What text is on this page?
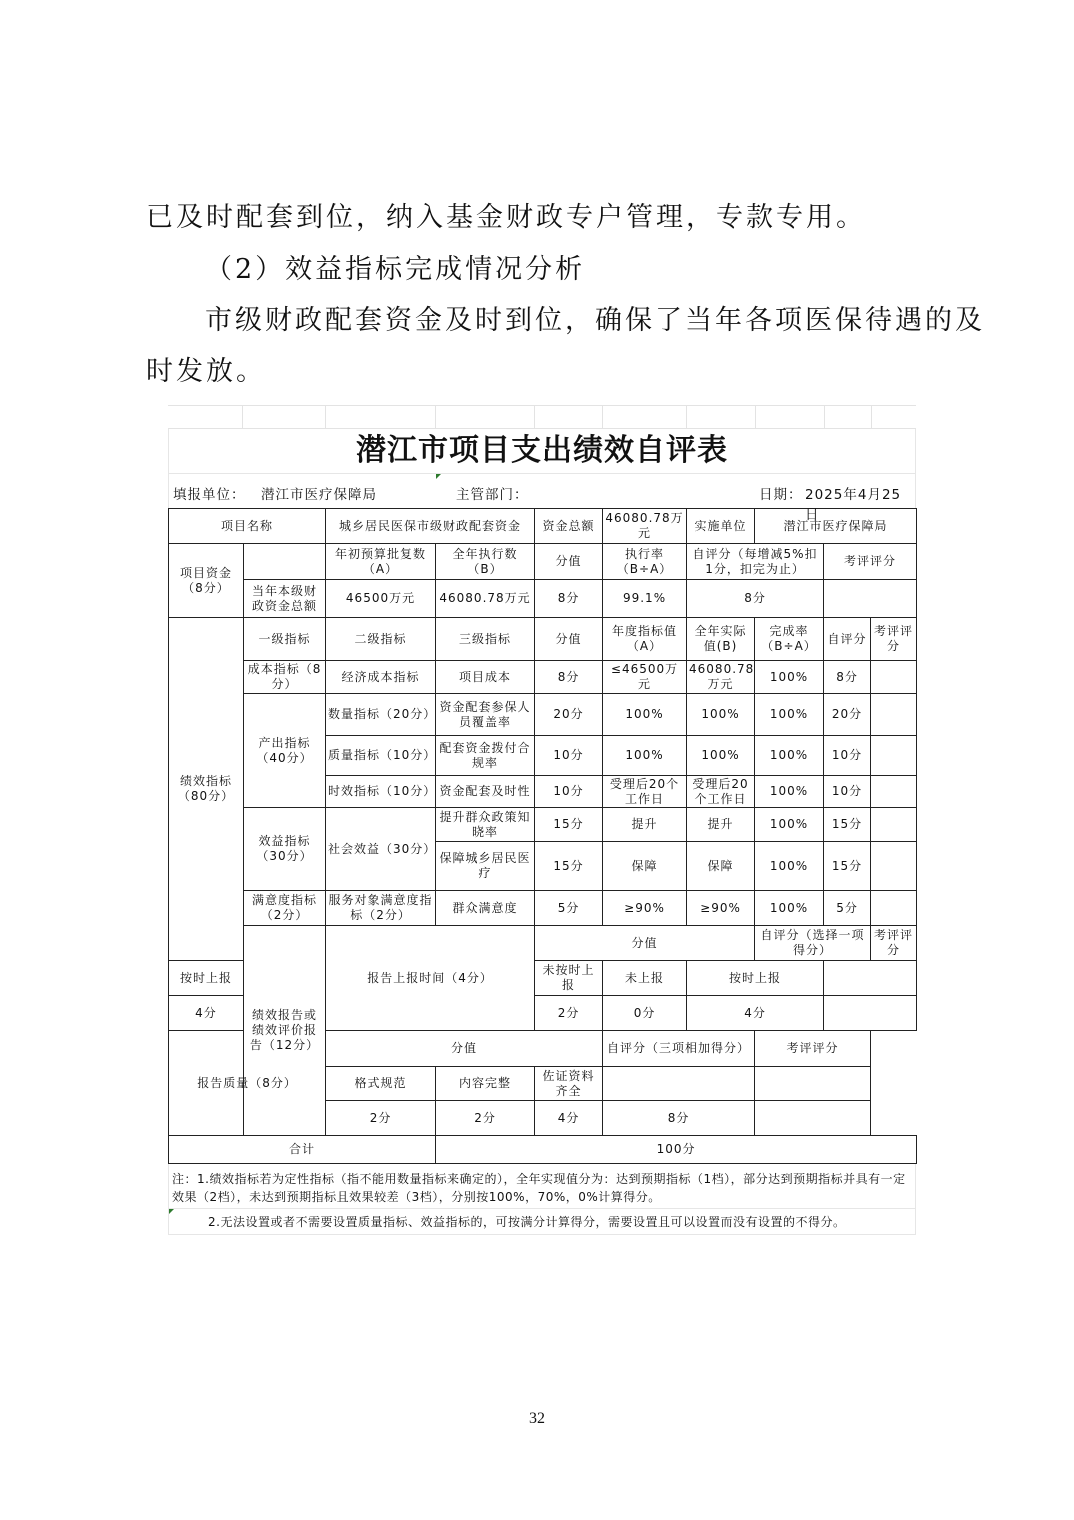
已及时配套到位，纳入基金财政专户管理，专款专用。
（2）效益指标完成情况分析
市级财政配套资金及时到位，确保了当年各项医保待遇的及
时发放。
潜江市项目支出绩效自评表
填报单位： 潜江市医疗保障局	主管部门：	日期： 2025年4月25日
项目名称		城乡居民医保市级财政配套资金		资金总额	46080.78万元	实施单位	潜江市医疗保障局		
项目资金（8分）		年初预算批复数（A）	全年执行数（B）	分值	执行率（B÷A）	自评分（每增减5%扣1分，扣完为止）		考评评分	
	当年本级财政资金总额	46500万元	46080.78万元	8分	99.1%	8分			
绩效指标（80分）	一级指标	二级指标	三级指标	分值	年度指标值（A）	全年实际值(B)	完成率（B÷A）	自评分	考评评分
	成本指标（8分）	经济成本指标	项目成本	8分	≤46500万元	46080.78万元	100%	8分	
	产出指标（40分）	数量指标（20分）	资金配套参保人员覆盖率	20分	100%	100%	100%	20分	
		质量指标（10分）	配套资金拨付合规率	10分	100%	100%	100%	10分	
		时效指标（10分）	资金配套及时性	10分	受理后20个工作日	受理后20个工作日	100%	10分	
	效益指标（30分）	社会效益（30分）	提升群众政策知晓率	15分	提升	提升	100%	15分	
			保障城乡居民医疗	15分	保障	保障	100%	15分	
	满意度指标（2分）	服务对象满意度指标（2分）	群众满意度	5分	≥90%	≥90%	100%	5分	
	绩效报告或绩效评价报告（12分）	报告上报时间（4分）		分值			自评分（选择一项得分）		考评评分
按时上报				未按时上报	未上报	按时上报			
4分				2分	0分	4分			
报告质量（8分）		分值			自评分（三项相加得分）		考评评分		
		格式规范	内容完整	佐证资料齐全					
		2分	2分	4分	8分				
合计			100分						
注：1.绩效指标若为定性指标（指不能用数量指标来确定的），全年实现值分为：达到预期指标（1档），部分达到预期指标并具有一定效果（2档），未达到预期指标且效果较差（3档），分别按100%，70%，0%计算得分。
2.无法设置或者不需要设置质量指标、效益指标的，可按满分计算得分，需要设置且可以设置而没有设置的不得分。
32
